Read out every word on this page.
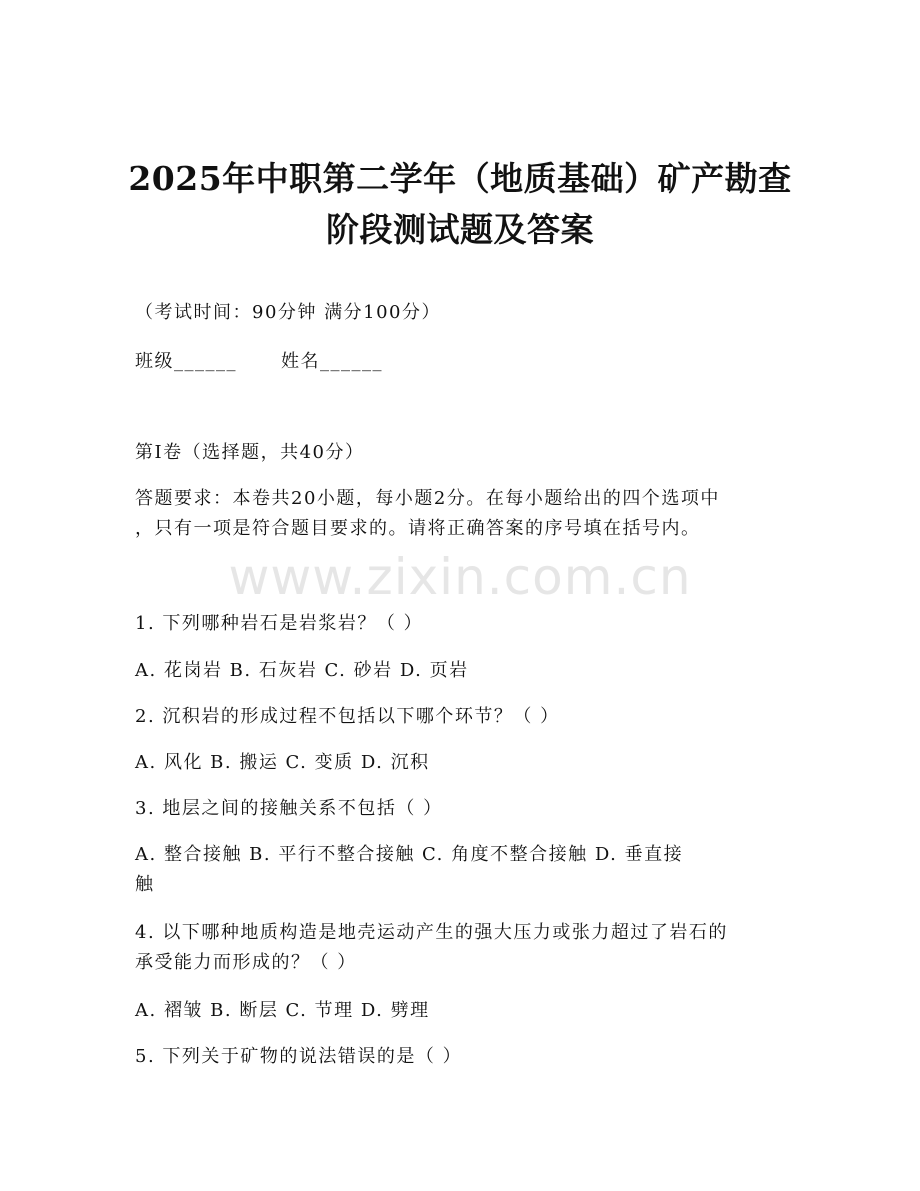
2025年中职第二学年（地质基础）矿产勘查
阶段测试题及答案
（考试时间：90分钟 满分100分）
班级______ 姓名______
第Ⅰ卷（选择题，共40分）
答题要求：本卷共20小题，每小题2分。在每小题给出的四个选项中
，只有一项是符合题目要求的。请将正确答案的序号填在括号内。
www.zixin.com.cn
1. 下列哪种岩石是岩浆岩？（ ）
A. 花岗岩 B. 石灰岩 C. 砂岩 D. 页岩
2. 沉积岩的形成过程不包括以下哪个环节？（ ）
A. 风化 B. 搬运 C. 变质 D. 沉积
3. 地层之间的接触关系不包括（ ）
A. 整合接触 B. 平行不整合接触 C. 角度不整合接触 D. 垂直接
触
4. 以下哪种地质构造是地壳运动产生的强大压力或张力超过了岩石的
承受能力而形成的？（ ）
A. 褶皱 B. 断层 C. 节理 D. 劈理
5. 下列关于矿物的说法错误的是（ ）
